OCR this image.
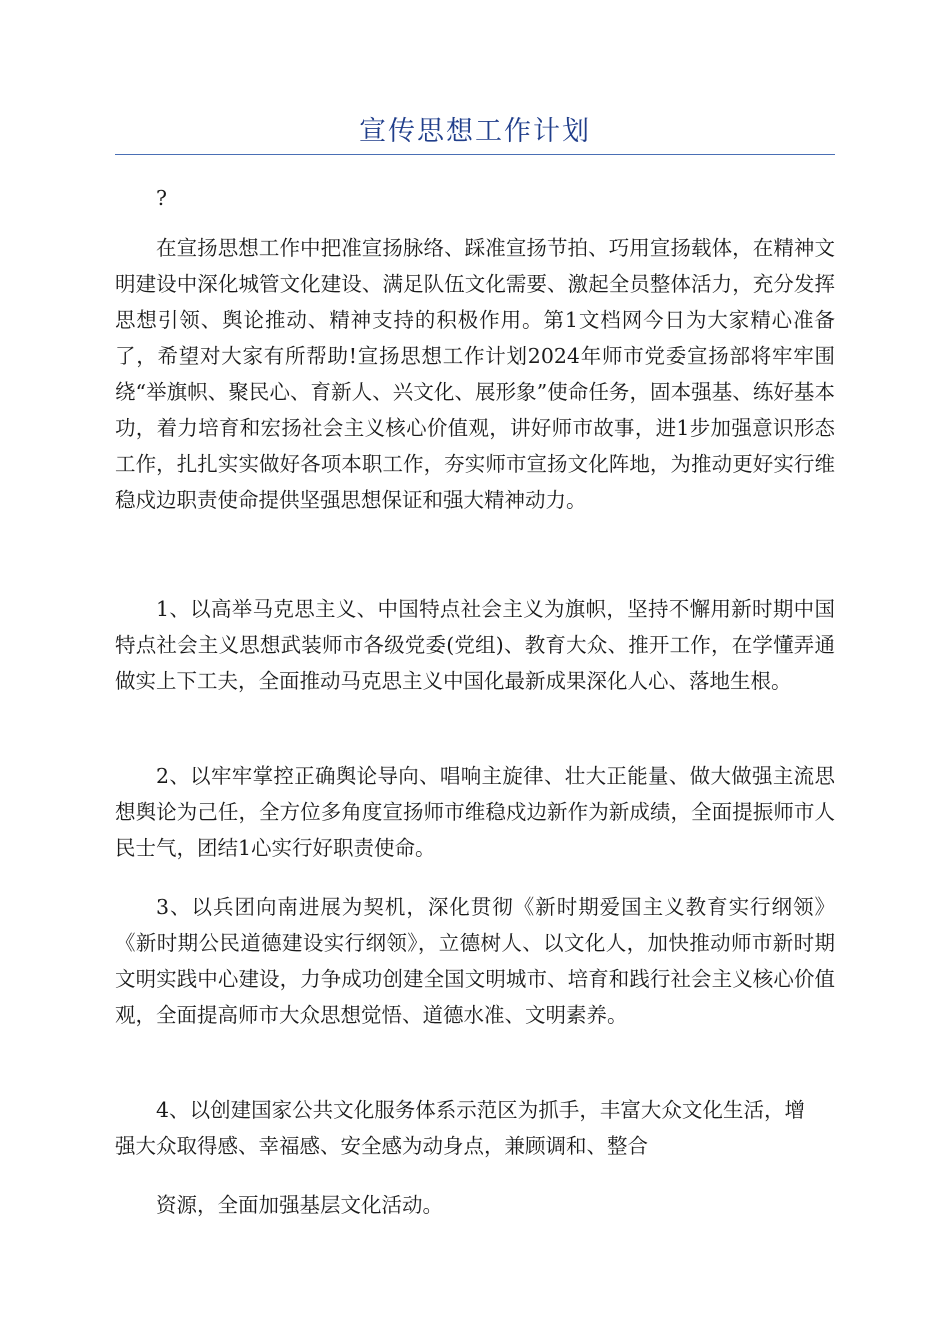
宣传思想工作计划

?

在宣扬思想工作中把准宣扬脉络、踩准宣扬节拍、巧用宣扬载体，在精神文明建设中深化城管文化建设、满足队伍文化需要、激起全员整体活力，充分发挥思想引领、舆论推动、精神支持的积极作用。第1文档网今日为大家精心准备了，希望对大家有所帮助!宣扬思想工作计划2024年师市党委宣扬部将牢牢围绕“举旗帜、聚民心、育新人、兴文化、展形象”使命任务，固本强基、练好基本功，着力培育和宏扬社会主义核心价值观，讲好师市故事，进1步加强意识形态工作，扎扎实实做好各项本职工作，夯实师市宣扬文化阵地，为推动更好实行维稳戍边职责使命提供坚强思想保证和强大精神动力。

1、以高举马克思主义、中国特点社会主义为旗帜，坚持不懈用新时期中国特点社会主义思想武装师市各级党委(党组)、教育大众、推开工作，在学懂弄通做实上下工夫，全面推动马克思主义中国化最新成果深化人心、落地生根。

2、以牢牢掌控正确舆论导向、唱响主旋律、壮大正能量、做大做强主流思想舆论为己任，全方位多角度宣扬师市维稳戍边新作为新成绩，全面提振师市人民士气，团结1心实行好职责使命。

3、以兵团向南进展为契机，深化贯彻《新时期爱国主义教育实行纲领》《新时期公民道德建设实行纲领》，立德树人、以文化人，加快推动师市新时期文明实践中心建设，力争成功创建全国文明城市、培育和践行社会主义核心价值观，全面提高师市大众思想觉悟、道德水准、文明素养。

4、以创建国家公共文化服务体系示范区为抓手，丰富大众文化生活，增强大众取得感、幸福感、安全感为动身点，兼顾调和、整合

资源，全面加强基层文化活动。
